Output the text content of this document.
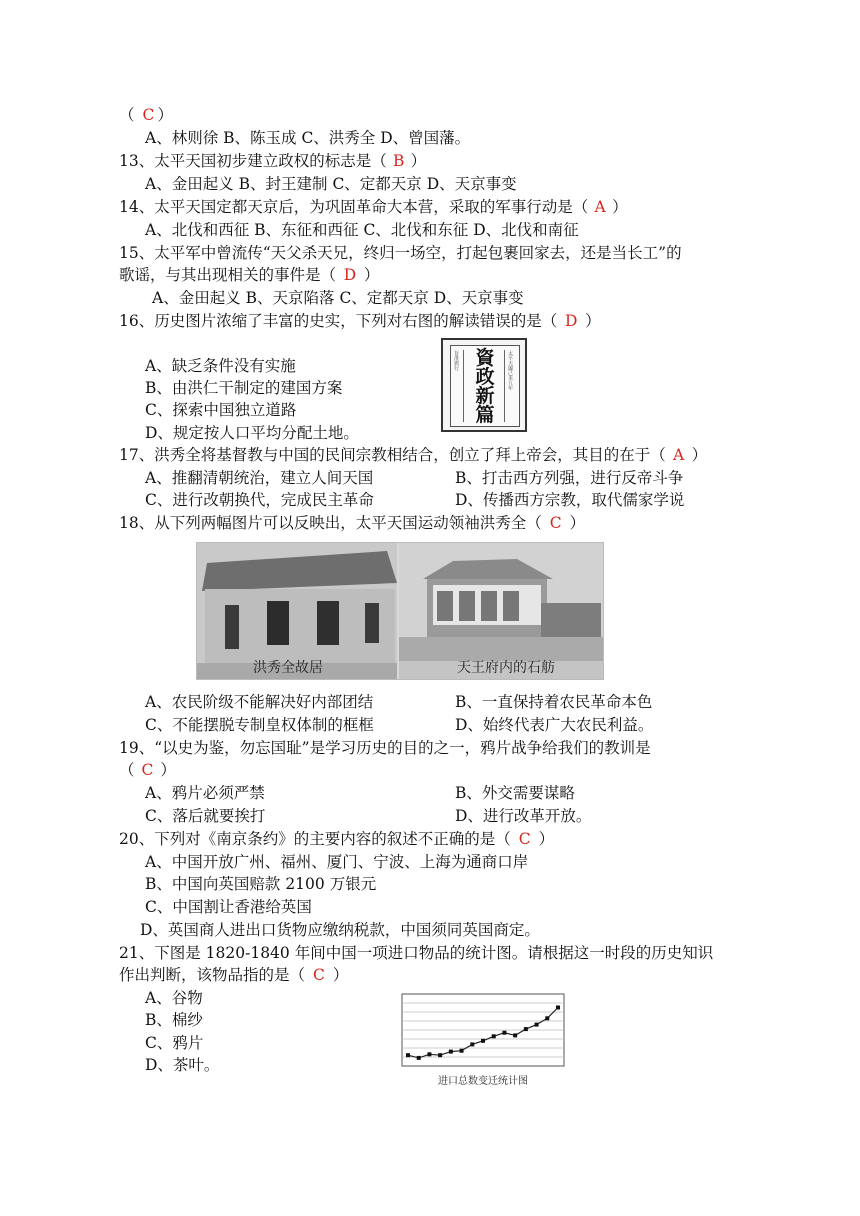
（ C ）
A、林则徐 B、陈玉成 C、洪秀全 D、曾国藩。
13、太平天国初步建立政权的标志是（ B ）
A、金田起义 B、封王建制 C、定都天京 D、天京事变
14、太平天国定都天京后，为巩固革命大本营，采取的军事行动是（ A ）
A、北伐和西征 B、东征和西征 C、北伐和东征 D、北伐和南征
15、太平军中曾流传“天父杀天兄，终归一场空，打起包裹回家去，还是当长工”的
歌谣，与其出现相关的事件是（ D ）
A、金田起义 B、天京陷落 C、定都天京 D、天京事变
16、历史图片浓缩了丰富的史实，下列对右图的解读错误的是（ D ）
A、缺乏条件没有实施
B、由洪仁干制定的建国方案
C、探索中国独立道路
D、规定按人口平均分配土地。
17、洪秀全将基督教与中国的民间宗教相结合，创立了拜上帝会，其目的在于（ A ）
A、推翻清朝统治，建立人间天国	B、打击西方列强，进行反帝斗争
C、进行改朝换代，完成民主革命	D、传播西方宗教，取代儒家学说
18、从下列两幅图片可以反映出，太平天国运动领袖洪秀全（ C ）
A、农民阶级不能解决好内部团结	B、一直保持着农民革命本色
C、不能摆脱专制皇权体制的框框	D、始终代表广大农民利益。
19、“以史为鉴，勿忘国耻”是学习历史的目的之一，鸦片战争给我们的教训是
（ C ）
A、鸦片必须严禁	B、外交需要谋略
C、落后就要挨打	D、进行改革开放。
20、下列对《南京条约》的主要内容的叙述不正确的是（ C ）
A、中国开放广州、福州、厦门、宁波、上海为通商口岸
B、中国向英国赔款 2100 万银元
C、中国割让香港给英国
D、英国商人进出口货物应缴纳税款，中国须同英国商定。
21、下图是 1820-1840 年间中国一项进口物品的统计图。请根据这一时段的历史知识
作出判断，该物品指的是（ C ）
A、谷物
B、棉纱
C、鸦片
D、茶叶。
旨准頒行 資政新篇
太平天國己未九年
洪秀全故居	天王府内的石舫
进口总数变迁统计图
